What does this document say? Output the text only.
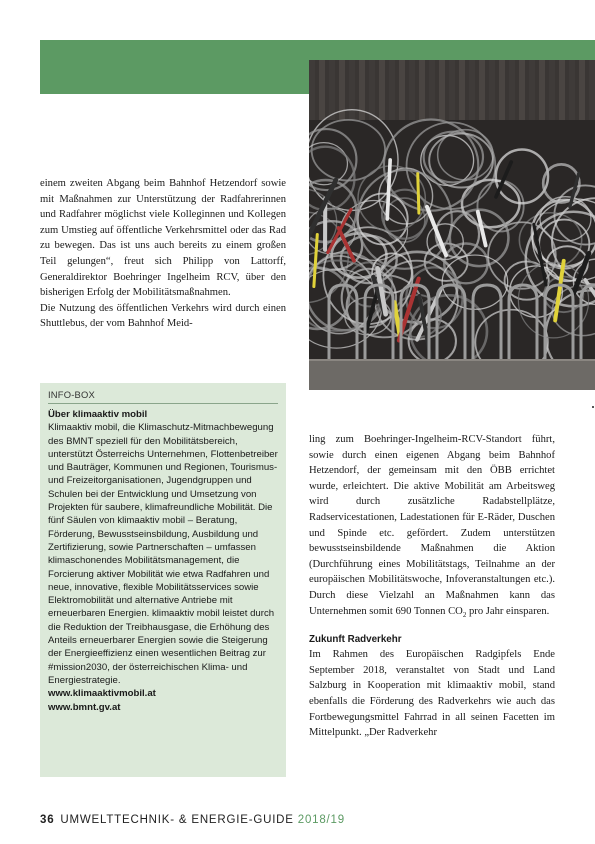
einem zweiten Abgang beim Bahnhof Hetzendorf sowie mit Maßnahmen zur Unterstützung der Radfahrerinnen und Radfahrer möglichst viele Kolleginnen und Kollegen zum Umstieg auf öffentliche Verkehrsmittel oder das Rad zu bewegen. Das ist uns auch bereits zu einem großen Teil gelungen“, freut sich Philipp von Lattorff, Generaldirektor Boehringer Ingelheim RCV, über den bisherigen Erfolg der Mobilitätsmaßnahmen.

Die Nutzung des öffentlichen Verkehrs wird durch einen Shuttlebus, der vom Bahnhof Meid-

INFO-BOX
Über klimaaktiv mobil

Klimaaktiv mobil, die Klimaschutz-Mitmachbewegung des BMNT speziell für den Mobilitätsbereich, unterstützt Österreichs Unternehmen, Flottenbetreiber und Bauträger, Kommunen und Regionen, Tourismus- und Freizeitorganisationen, Jugendgruppen und Schulen bei der Entwicklung und Umsetzung von Projekten für saubere, klimafreundliche Mobilität. Die fünf Säulen von klimaaktiv mobil – Beratung, Förderung, Bewusstseinsbildung, Ausbildung und Zertifizierung, sowie Partnerschaften – umfassen klimaschonendes Mobilitätsmanagement, die Forcierung aktiver Mobilität wie etwa Radfahren und neue, innovative, flexible Mobilitätsservices sowie Elektromobilität und alternative Antriebe mit erneuerbaren Energien. klimaaktiv mobil leistet durch die Reduktion der Treibhausgase, die Erhöhung des Anteils erneuerbarer Energien sowie die Steigerung der Energieeffizienz einen wesentlichen Beitrag zur #mission2030, der österreichischen Klima- und Energiestrategie.

www.klimaaktivmobil.at
www.bmnt.gv.at

ling zum Boehringer-Ingelheim-RCV-Standort führt, sowie durch einen eigenen Abgang beim Bahnhof Hetzendorf, der gemeinsam mit den ÖBB errichtet wurde, erleichtert. Die aktive Mobilität am Arbeitsweg wird durch zusätzliche Radabstellplätze, Radservicestationen, Ladestationen für E-Räder, Duschen und Spinde etc. gefördert. Zudem unterstützen bewusstseinsbildende Maßnahmen die Aktion (Durchführung eines Mobilitätstags, Teilnahme an der europäischen Mobilitätswoche, Infoveranstaltungen etc.). Durch diese Vielzahl an Maßnahmen kann das Unternehmen somit 690 Tonnen $CO_2$ pro Jahr einsparen.

Zukunft Radverkehr

Im Rahmen des Europäischen Radgipfels Ende September 2018, veranstaltet von Stadt und Land Salzburg in Kooperation mit klimaaktiv mobil, stand ebenfalls die Förderung des Radverkehrs wie auch das Fortbewegungsmittel Fahrrad in all seinen Facetten im Mittelpunkt. „Der Radverkehr

36 UMWELTTECHNIK- & ENERGIE-GUIDE 2018/19
